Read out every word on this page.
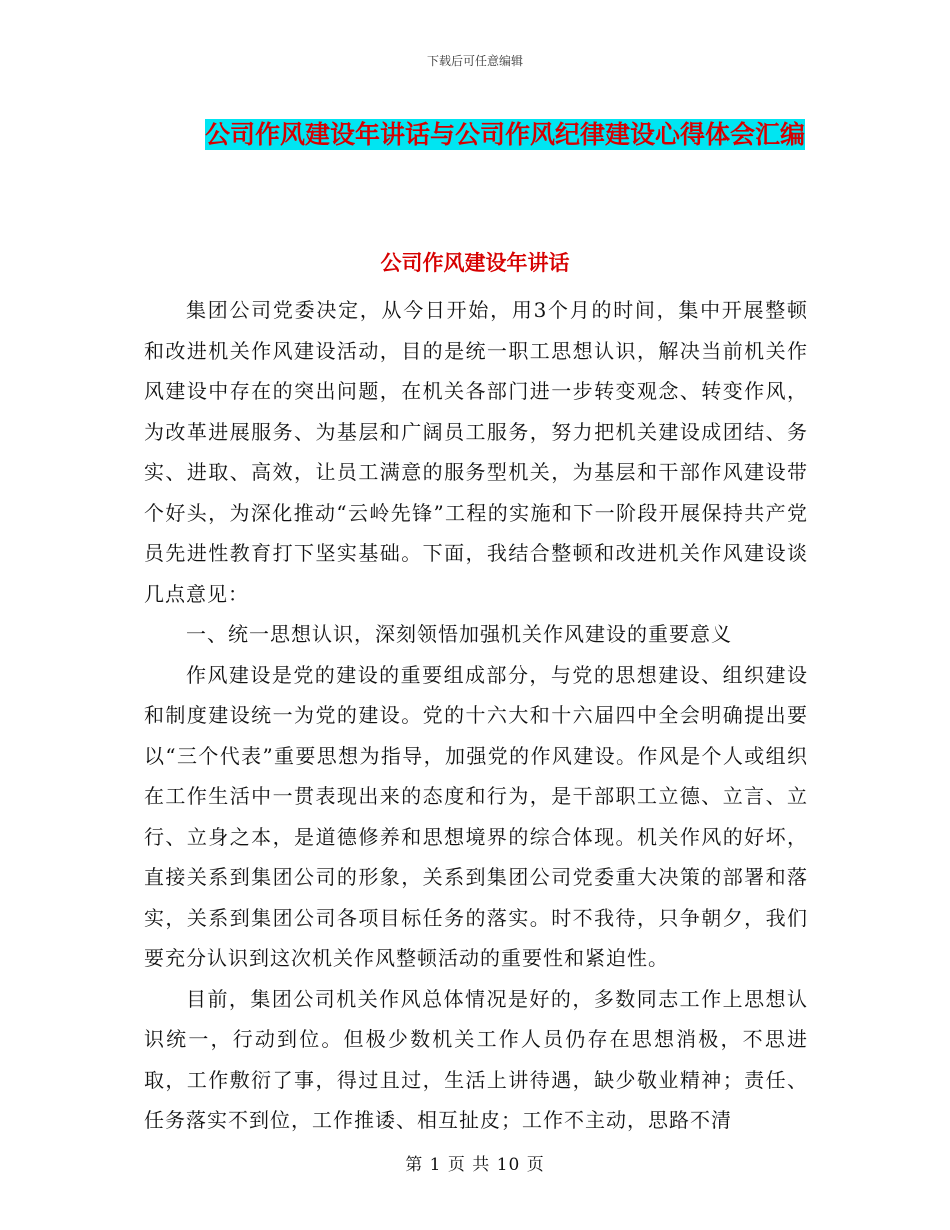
下载后可任意编辑
公司作风建设年讲话与公司作风纪律建设心得体会汇编
公司作风建设年讲话

集团公司党委决定，从今日开始，用3个月的时间，集中开展整顿和改进机关作风建设活动，目的是统一职工思想认识，解决当前机关作风建设中存在的突出问题，在机关各部门进一步转变观念、转变作风，为改革进展服务、为基层和广阔员工服务，努力把机关建设成团结、务实、进取、高效，让员工满意的服务型机关，为基层和干部作风建设带个好头，为深化推动“云岭先锋”工程的实施和下一阶段开展保持共产党员先进性教育打下坚实基础。下面，我结合整顿和改进机关作风建设谈几点意见：

一、统一思想认识，深刻领悟加强机关作风建设的重要意义

作风建设是党的建设的重要组成部分，与党的思想建设、组织建设和制度建设统一为党的建设。党的十六大和十六届四中全会明确提出要以“三个代表”重要思想为指导，加强党的作风建设。作风是个人或组织在工作生活中一贯表现出来的态度和行为，是干部职工立德、立言、立行、立身之本，是道德修养和思想境界的综合体现。机关作风的好坏，直接关系到集团公司的形象，关系到集团公司党委重大决策的部署和落实，关系到集团公司各项目标任务的落实。时不我待，只争朝夕，我们要充分认识到这次机关作风整顿活动的重要性和紧迫性。

目前，集团公司机关作风总体情况是好的，多数同志工作上思想认识统一，行动到位。但极少数机关工作人员仍存在思想消极，不思进取，工作敷衍了事，得过且过，生活上讲待遇，缺少敬业精神；责任、任务落实不到位，工作推诿、相互扯皮；工作不主动，思路不清

第 1 页 共 10 页
